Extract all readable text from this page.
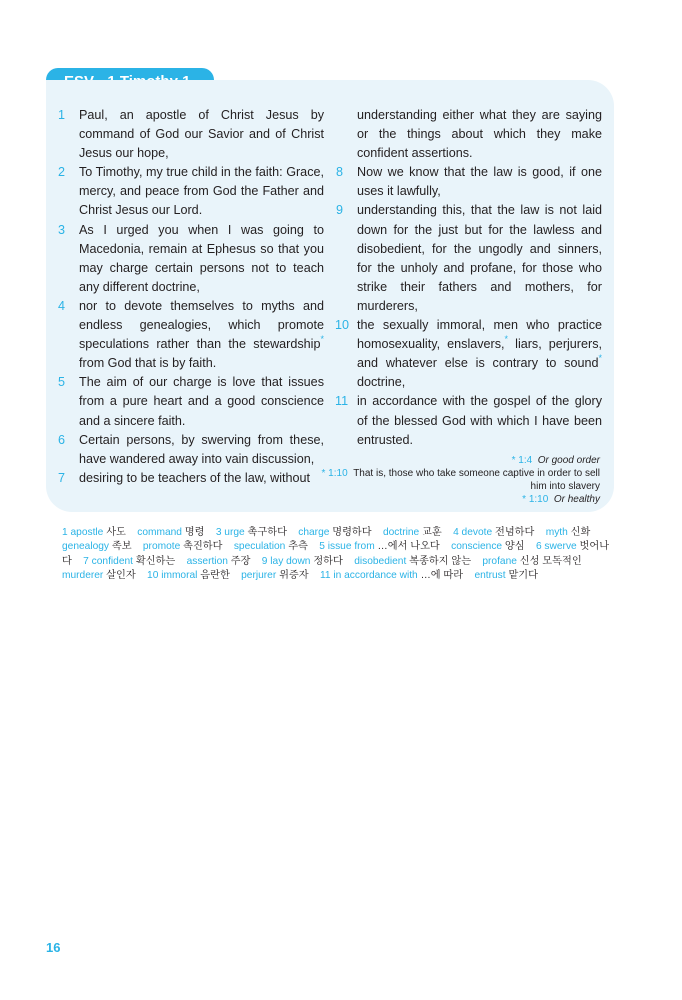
1	Paul, an apostle of Christ Jesus by command of God our Savior and of Christ Jesus our hope,

2	To Timothy, my true child in the faith: Grace, mercy, and peace from God the Father and Christ Jesus our Lord.

3	As I urged you when I was going to Macedonia, remain at Ephesus so that you may charge certain persons not to teach any different doctrine,

4	nor to devote themselves to myths and endless genealogies, which promote speculations rather than the stewardship* from God that is by faith.

5	The aim of our charge is love that issues from a pure heart and a good conscience and a sincere faith.

6	Certain persons, by swerving from these, have wandered away into vain discussion,

7	desiring to be teachers of the law, without

understanding either what they are saying or the things about which they make confident assertions.

8	Now we know that the law is good, if one uses it lawfully,

9	understanding this, that the law is not laid down for the just but for the lawless and disobedient, for the ungodly and sinners, for the unholy and profane, for those who strike their fathers and mothers, for murderers,

10 the sexually immoral, men who practice homosexuality, enslavers,* liars, perjurers, and whatever else is contrary to sound* doctrine,

11 in accordance with the gospel of the glory of the blessed God with which I have been entrusted.

* 1:4 Or good order
* 1:10 That is, those who take someone captive in order to sell him into slavery
* 1:10 Or healthy
1 apostle 사도 command 명령 3 urge 촉구하다 charge 명령하다 doctrine 교훈 4 devote 전념하다 myth 신화    genealogy 족보 promote 촉진하다 speculation 추측 5 issue from …에서 나오다 conscience 양심 6 swerve 벗어나다 7 confident 확신하는 assertion 주장 9 lay down 정하다 disobedient 복종하지 않는 profane 신성 모독적인    murderer 살인자 10 immoral 음란한 perjurer 위증자 11 in accordance with …에 따라 entrust 맡기다
16
